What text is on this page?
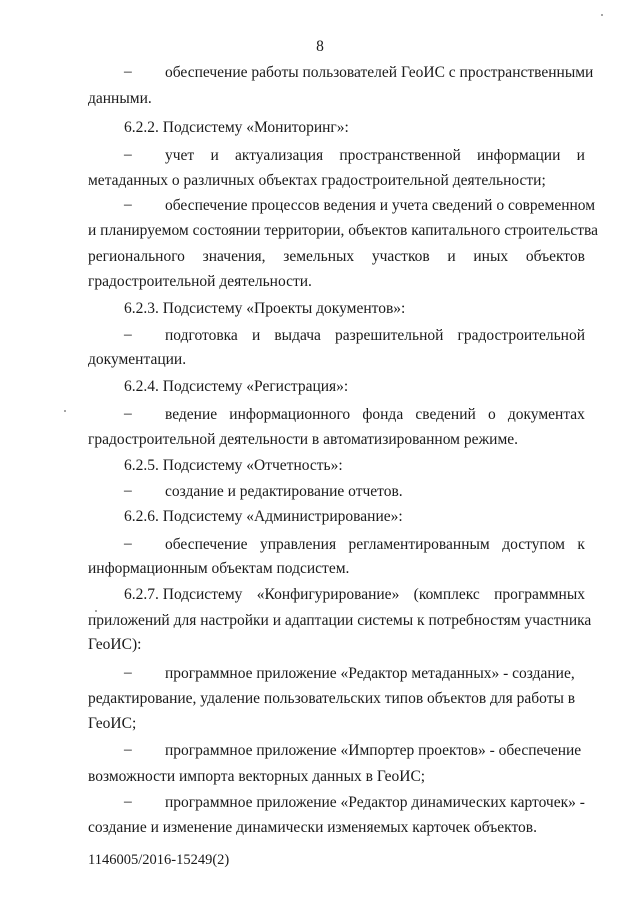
8
– обеспечение работы пользователей ГеоИС с пространственными
данными.
6.2.2. Подсистему «Мониторинг»:
– учет и актуализация пространственной информации и
метаданных о различных объектах градостроительной деятельности;
– обеспечение процессов ведения и учета сведений о современном
и планируемом состоянии территории, объектов капитального строительства
регионального значения, земельных участков и иных объектов
градостроительной деятельности.
6.2.3. Подсистему «Проекты документов»:
– подготовка и выдача разрешительной градостроительной
документации.
6.2.4. Подсистему «Регистрация»:
– ведение информационного фонда сведений о документах
градостроительной деятельности в автоматизированном режиме.
6.2.5. Подсистему «Отчетность»:
– создание и редактирование отчетов.
6.2.6. Подсистему «Администрирование»:
– обеспечение управления регламентированным доступом к
информационным объектам подсистем.
6.2.7. Подсистему «Конфигурирование» (комплекс программных
приложений для настройки и адаптации системы к потребностям участника
ГеоИС):
– программное приложение «Редактор метаданных» - создание,
редактирование, удаление пользовательских типов объектов для работы в
ГеоИС;
– программное приложение «Импортер проектов» - обеспечение
возможности импорта векторных данных в ГеоИС;
– программное приложение «Редактор динамических карточек» -
создание и изменение динамически изменяемых карточек объектов.
1146005/2016-15249(2)
